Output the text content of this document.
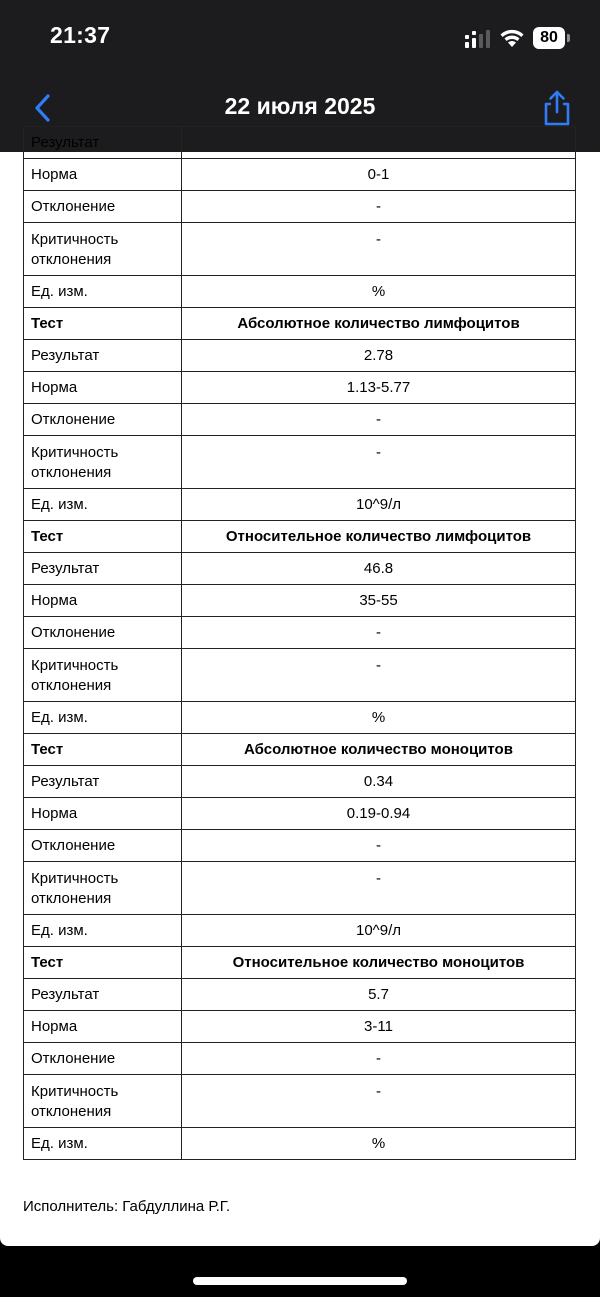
21:37	80
22 июля 2025
Результат	
Норма	0-1
Отклонение	-
Критичность отклонения	-
Ед. изм.	%
Тест	Абсолютное количество лимфоцитов
Результат	2.78
Норма	1.13-5.77
Отклонение	-
Критичность отклонения	-
Ед. изм.	10^9/л
Тест	Относительное количество лимфоцитов
Результат	46.8
Норма	35-55
Отклонение	-
Критичность отклонения	-
Ед. изм.	%
Тест	Абсолютное количество моноцитов
Результат	0.34
Норма	0.19-0.94
Отклонение	-
Критичность отклонения	-
Ед. изм.	10^9/л
Тест	Относительное количество моноцитов
Результат	5.7
Норма	3-11
Отклонение	-
Критичность отклонения	-
Ед. изм.	%
Исполнитель: Габдуллина Р.Г.
